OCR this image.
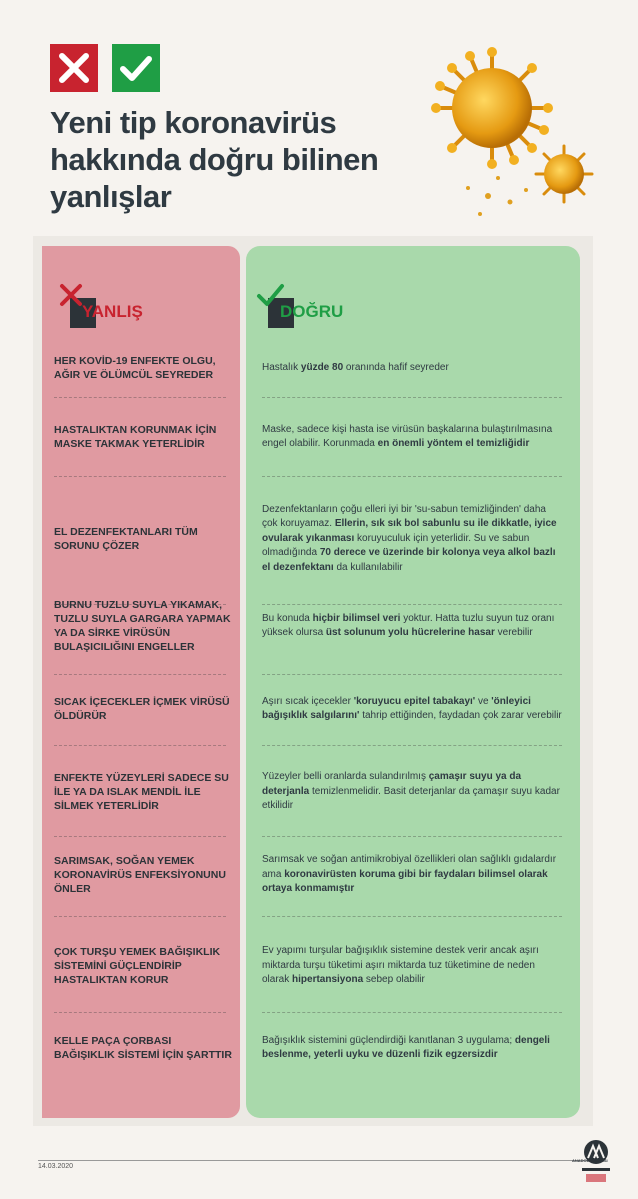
Yeni tip koronavirüs
hakkında doğru bilinen
yanlışlar
YANLIŞ	DOĞRU
HER KOVİD-19 ENFEKTE OLGU, AĞIR VE ÖLÜMCÜL SEYREDER
Hastalık yüzde 80 oranında hafif seyreder
HASTALIKTAN KORUNMAK İÇİN MASKE TAKMAK YETERLİDİR
Maske, sadece kişi hasta ise virüsün başkalarına bulaştırılmasına engel olabilir. Korunmada en önemli yöntem el temizliğidir
EL DEZENFEKTANLARI TÜM SORUNU ÇÖZER
Dezenfektanların çoğu elleri iyi bir 'su-sabun temizliğinden' daha çok koruyamaz. Ellerin, sık sık bol sabunlu su ile dikkatle, iyice ovularak yıkanması koruyuculuk için yeterlidir. Su ve sabun olmadığında 70 derece ve üzerinde bir kolonya veya alkol bazlı el dezenfektanı da kullanılabilir
BURNU TUZLU SUYLA YIKAMAK, TUZLU SUYLA GARGARA YAPMAK YA DA SİRKE VİRÜSÜN BULAŞICILIĞINI ENGELLER
Bu konuda hiçbir bilimsel veri yoktur. Hatta tuzlu suyun tuz oranı yüksek olursa üst solunum yolu hücrelerine hasar verebilir
SICAK İÇECEKLER İÇMEK VİRÜSÜ ÖLDÜRÜR
Aşırı sıcak içecekler 'koruyucu epitel tabakayı' ve 'önleyici bağışıklık salgılarını' tahrip ettiğinden, faydadan çok zarar verebilir
ENFEKTE YÜZEYLERİ SADECE SU İLE YA DA ISLAK MENDİL İLE SİLMEK YETERLİDİR
Yüzeyler belli oranlarda sulandırılmış çamaşır suyu ya da deterjanla temizlenmelidir. Basit deterjanlar da çamaşır suyu kadar etkilidir
SARIMSAK, SOĞAN YEMEK KORONAVİRÜS ENFEKSİYONUNU ÖNLER
Sarımsak ve soğan antimikrobiyal özellikleri olan sağlıklı gıdalardır ama koronavirüsten koruma gibi bir faydaları bilimsel olarak ortaya konmamıştır
ÇOK TURŞU YEMEK BAĞIŞIKLIK SİSTEMİNİ GÜÇLENDİRİP HASTALIKTAN KORUR
Ev yapımı turşular bağışıklık sistemine destek verir ancak aşırı miktarda turşu tüketimi aşırı miktarda tuz tüketimine de neden olarak hipertansiyona sebep olabilir
KELLE PAÇA ÇORBASI BAĞIŞIKLIK SİSTEMİ İÇİN ŞARTTIR
Bağışıklık sistemini güçlendirdiği kanıtlanan 3 uygulama; dengeli beslenme, yeterli uyku ve düzenli fizik egzersizdir
14.03.2020
ANADOLU AJANSI
